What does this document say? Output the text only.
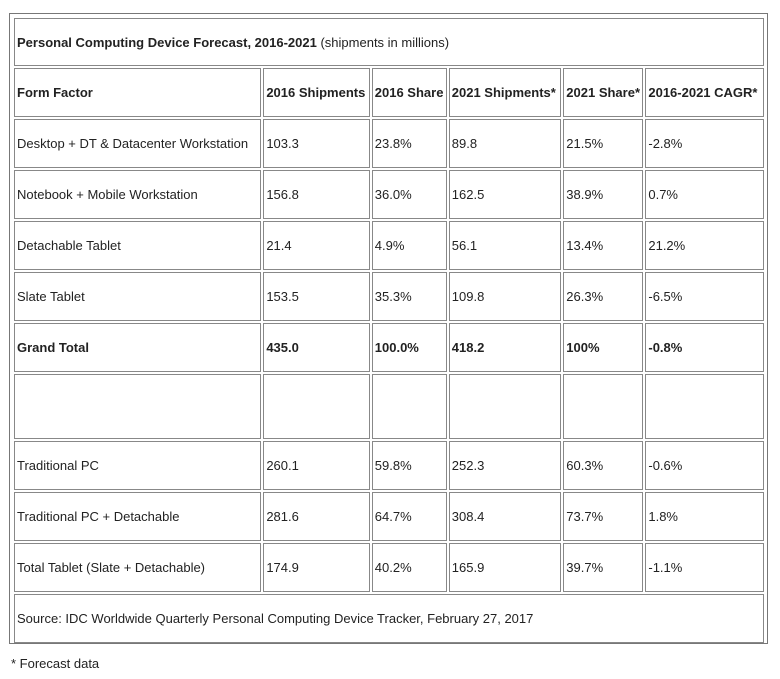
Personal Computing Device Forecast, 2016-2021 (shipments in millions)					
Form Factor	2016 Shipments	2016 Share	2021 Shipments*	2021 Share*	2016-2021 CAGR*
Desktop + DT & Datacenter Workstation	103.3	23.8%	89.8	21.5%	-2.8%
Notebook + Mobile Workstation	156.8	36.0%	162.5	38.9%	0.7%
Detachable Tablet	21.4	4.9%	56.1	13.4%	21.2%
Slate Tablet	153.5	35.3%	109.8	26.3%	-6.5%
Grand Total	435.0	100.0%	418.2	100%	-0.8%

Traditional PC	260.1	59.8%	252.3	60.3%	-0.6%
Traditional PC + Detachable	281.6	64.7%	308.4	73.7%	1.8%
Total Tablet (Slate + Detachable)	174.9	40.2%	165.9	39.7%	-1.1%
Source: IDC Worldwide Quarterly Personal Computing Device Tracker, February 27, 2017					
* Forecast data
